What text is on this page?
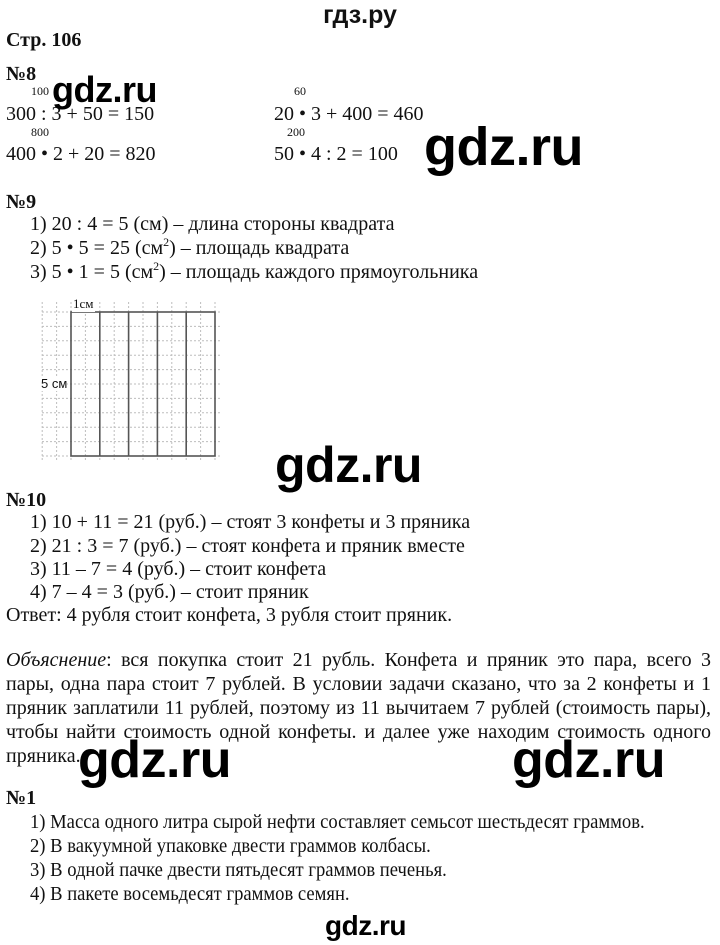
гдз.ру
Стр. 106
№8
100
300 : 3 + 50 = 150
60
20 • 3 + 400 = 460
800
400 • 2 + 20 = 820
200
50 • 4 : 2 = 100
gdz.ru
gdz.ru
gdz.ru
gdz.ru	gdz.ru
gdz.ru
№9
1) 20 : 4 = 5 (см) – длина стороны квадрата
2) 5 • 5 = 25 $(см^2)$ – площадь квадрата
3) 5 • 1 = 5 $(см^2)$ – площадь каждого прямоугольника
1см
5 см
№10
1) 10 + 11 = 21 (руб.) – стоят 3 конфеты и 3 пряника
2) 21 : 3 = 7 (руб.) – стоят конфета и пряник вместе
3) 11 – 7 = 4 (руб.) – стоит конфета
4) 7 – 4 = 3 (руб.) – стоит пряник
Ответ: 4 рубля стоит конфета, 3 рубля стоит пряник.
Объяснение: вся покупка стоит 21 рубль. Конфета и пряник это пара, всего 3 пары, одна пара стоит 7 рублей. В условии задачи сказано, что за 2 конфеты и 1 пряник заплатили 11 рублей, поэтому из 11 вычитаем 7 рублей (стоимость пары), чтобы найти стоимость одной конфеты. и далее уже находим стоимость одного пряника.
№1
1) Масса одного литра сырой нефти составляет семьсот шестьдесят граммов.
2) В вакуумной упаковке двести граммов колбасы.
3) В одной пачке двести пятьдесят граммов печенья.
4) В пакете восемьдесят граммов семян.
